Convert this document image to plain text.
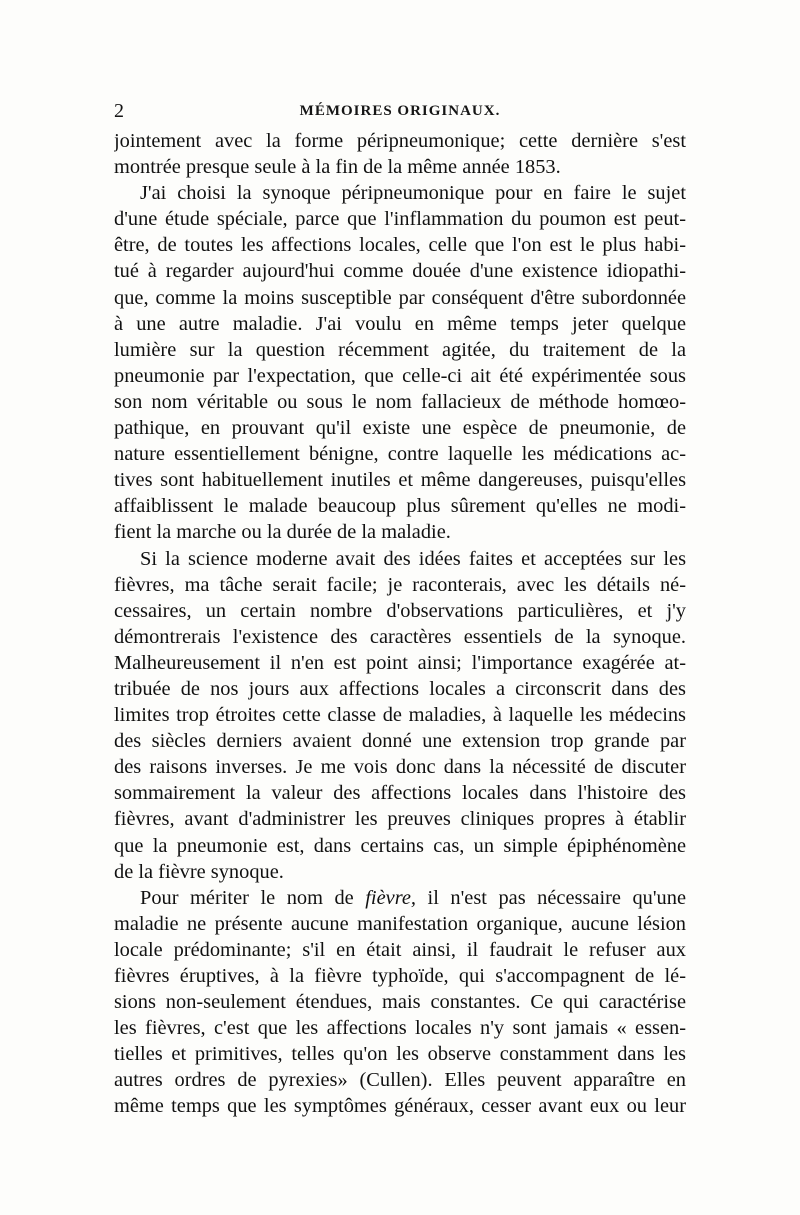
2	MÉMOIRES ORIGINAUX.
jointement avec la forme péripneumonique; cette dernière s'est
montrée presque seule à la fin de la même année 1853.
J'ai choisi la synoque péripneumonique pour en faire le sujet
d'une étude spéciale, parce que l'inflammation du poumon est peut-
être, de toutes les affections locales, celle que l'on est le plus habi-
tué à regarder aujourd'hui comme douée d'une existence idiopathi-
que, comme la moins susceptible par conséquent d'être subordonnée
à une autre maladie. J'ai voulu en même temps jeter quelque
lumière sur la question récemment agitée, du traitement de la
pneumonie par l'expectation, que celle-ci ait été expérimentée sous
son nom véritable ou sous le nom fallacieux de méthode homœo-
pathique, en prouvant qu'il existe une espèce de pneumonie, de
nature essentiellement bénigne, contre laquelle les médications ac-
tives sont habituellement inutiles et même dangereuses, puisqu'elles
affaiblissent le malade beaucoup plus sûrement qu'elles ne modi-
fient la marche ou la durée de la maladie.
Si la science moderne avait des idées faites et acceptées sur les
fièvres, ma tâche serait facile; je raconterais, avec les détails né-
cessaires, un certain nombre d'observations particulières, et j'y
démontrerais l'existence des caractères essentiels de la synoque.
Malheureusement il n'en est point ainsi; l'importance exagérée at-
tribuée de nos jours aux affections locales a circonscrit dans des
limites trop étroites cette classe de maladies, à laquelle les médecins
des siècles derniers avaient donné une extension trop grande par
des raisons inverses. Je me vois donc dans la nécessité de discuter
sommairement la valeur des affections locales dans l'histoire des
fièvres, avant d'administrer les preuves cliniques propres à établir
que la pneumonie est, dans certains cas, un simple épiphénomène
de la fièvre synoque.
Pour mériter le nom de fièvre, il n'est pas nécessaire qu'une
maladie ne présente aucune manifestation organique, aucune lésion
locale prédominante; s'il en était ainsi, il faudrait le refuser aux
fièvres éruptives, à la fièvre typhoïde, qui s'accompagnent de lé-
sions non-seulement étendues, mais constantes. Ce qui caractérise
les fièvres, c'est que les affections locales n'y sont jamais « essen-
tielles et primitives, telles qu'on les observe constamment dans les
autres ordres de pyrexies» (Cullen). Elles peuvent apparaître en
même temps que les symptômes généraux, cesser avant eux ou leur
